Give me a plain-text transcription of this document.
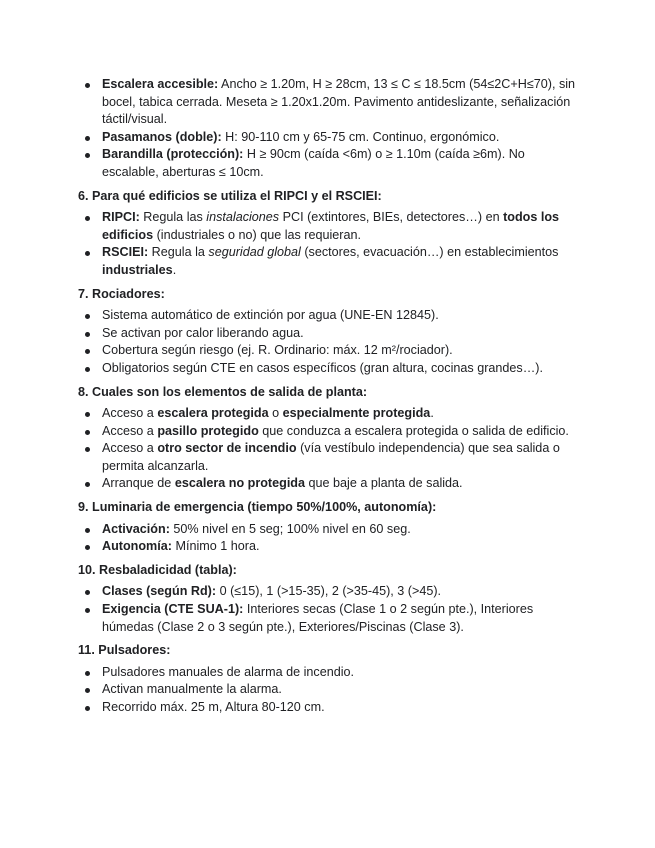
Escalera accesible: Ancho ≥ 1.20m, H ≥ 28cm, 13 ≤ C ≤ 18.5cm (54≤2C+H≤70), sin bocel, tabica cerrada. Meseta ≥ 1.20x1.20m. Pavimento antideslizante, señalización táctil/visual.
Pasamanos (doble): H: 90-110 cm y 65-75 cm. Continuo, ergonómico.
Barandilla (protección): H ≥ 90cm (caída <6m) o ≥ 1.10m (caída ≥6m). No escalable, aberturas ≤ 10cm.
6. Para qué edificios se utiliza el RIPCI y el RSCIEI:
RIPCI: Regula las instalaciones PCI (extintores, BIEs, detectores…) en todos los edificios (industriales o no) que las requieran.
RSCIEI: Regula la seguridad global (sectores, evacuación…) en establecimientos industriales.
7. Rociadores:
Sistema automático de extinción por agua (UNE-EN 12845).
Se activan por calor liberando agua.
Cobertura según riesgo (ej. R. Ordinario: máx. 12 m²/rociador).
Obligatorios según CTE en casos específicos (gran altura, cocinas grandes…).
8. Cuales son los elementos de salida de planta:
Acceso a escalera protegida o especialmente protegida.
Acceso a pasillo protegido que conduzca a escalera protegida o salida de edificio.
Acceso a otro sector de incendio (vía vestíbulo independencia) que sea salida o permita alcanzarla.
Arranque de escalera no protegida que baje a planta de salida.
9. Luminaria de emergencia (tiempo 50%/100%, autonomía):
Activación: 50% nivel en 5 seg; 100% nivel en 60 seg.
Autonomía: Mínimo 1 hora.
10. Resbaladicidad (tabla):
Clases (según Rd): 0 (≤15), 1 (>15-35), 2 (>35-45), 3 (>45).
Exigencia (CTE SUA-1): Interiores secas (Clase 1 o 2 según pte.), Interiores húmedas (Clase 2 o 3 según pte.), Exteriores/Piscinas (Clase 3).
11. Pulsadores:
Pulsadores manuales de alarma de incendio.
Activan manualmente la alarma.
Recorrido máx. 25 m, Altura 80-120 cm.
